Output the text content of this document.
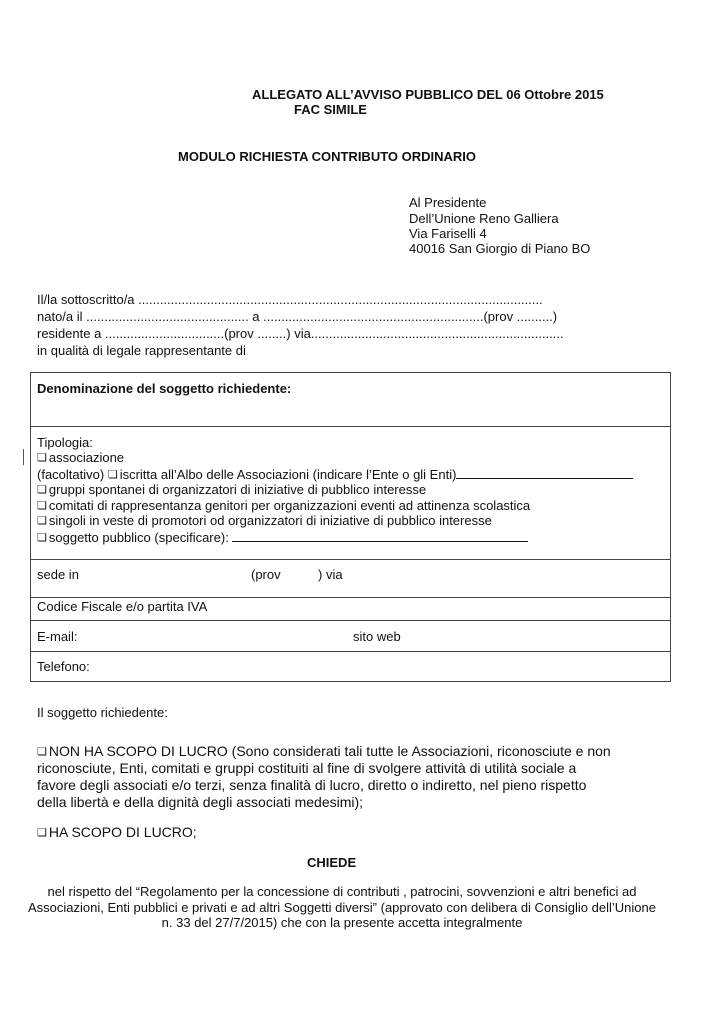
ALLEGATO ALL’AVVISO PUBBLICO DEL 06 Ottobre 2015
FAC SIMILE
MODULO RICHIESTA CONTRIBUTO ORDINARIO
Al Presidente
Dell’Unione Reno Galliera
Via Fariselli 4
40016 San Giorgio di Piano BO
Il/la sottoscritto/a ................................................................................................................
nato/a il ............................................. a .............................................................(prov ..........)
residente a .................................(prov ........) via......................................................................
in qualità di legale rappresentante di
Denominazione del soggetto richiedente:
Tipologia:
❏ associazione
(facoltativo) ❏ iscritta all’Albo delle Associazioni (indicare l’Ente o gli Enti)
❏ gruppi spontanei di organizzatori di iniziative di pubblico interesse
❏ comitati di rappresentanza genitori per organizzazioni eventi ad attinenza scolastica
❏ singoli in veste di promotori od organizzatori di iniziative di pubblico interesse
❏ soggetto pubblico (specificare):
sede in	(prov	) via
Codice Fiscale e/o partita IVA
E-mail:	sito web
Telefono:
Il soggetto richiedente:
❏ NON HA SCOPO DI LUCRO (Sono considerati tali tutte le Associazioni, riconosciute e non
riconosciute, Enti, comitati e gruppi costituiti al fine di svolgere attività di utilità sociale a
favore degli associati e/o terzi, senza finalità di lucro, diretto o indiretto, nel pieno rispetto
della libertà e della dignità degli associati medesimi);
❏ HA SCOPO DI LUCRO;
CHIEDE
nel rispetto del “Regolamento per la concessione di contributi , patrocini, sovvenzioni e altri benefici ad
Associazioni, Enti pubblici e privati e ad altri Soggetti diversi” (approvato con delibera di Consiglio dell’Unione
n. 33 del 27/7/2015) che con la presente accetta integralmente
